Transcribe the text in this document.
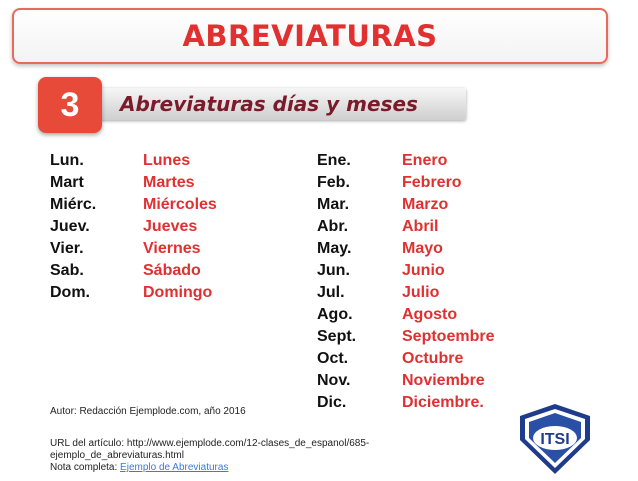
ABREVIATURAS
Abreviaturas días y meses
3
Lun.
Mart
Miérc.
Juev.
Vier.
Sab.
Dom.
Lunes
Martes
Miércoles
Jueves
Viernes
Sábado
Domingo
Ene.
Feb.
Mar.
Abr.
May.
Jun.
Jul.
Ago.
Sept.
Oct.
Nov.
Dic.
Enero
Febrero
Marzo
Abril
Mayo
Junio
Julio
Agosto
Septoembre
Octubre
Noviembre
Diciembre.
Autor: Redacción Ejemplode.com, año 2016
URL del artículo: http://www.ejemplode.com/12-clases_de_espanol/685-
ejemplo_de_abreviaturas.html
Nota completa: Ejemplo de Abreviaturas
ITSI
